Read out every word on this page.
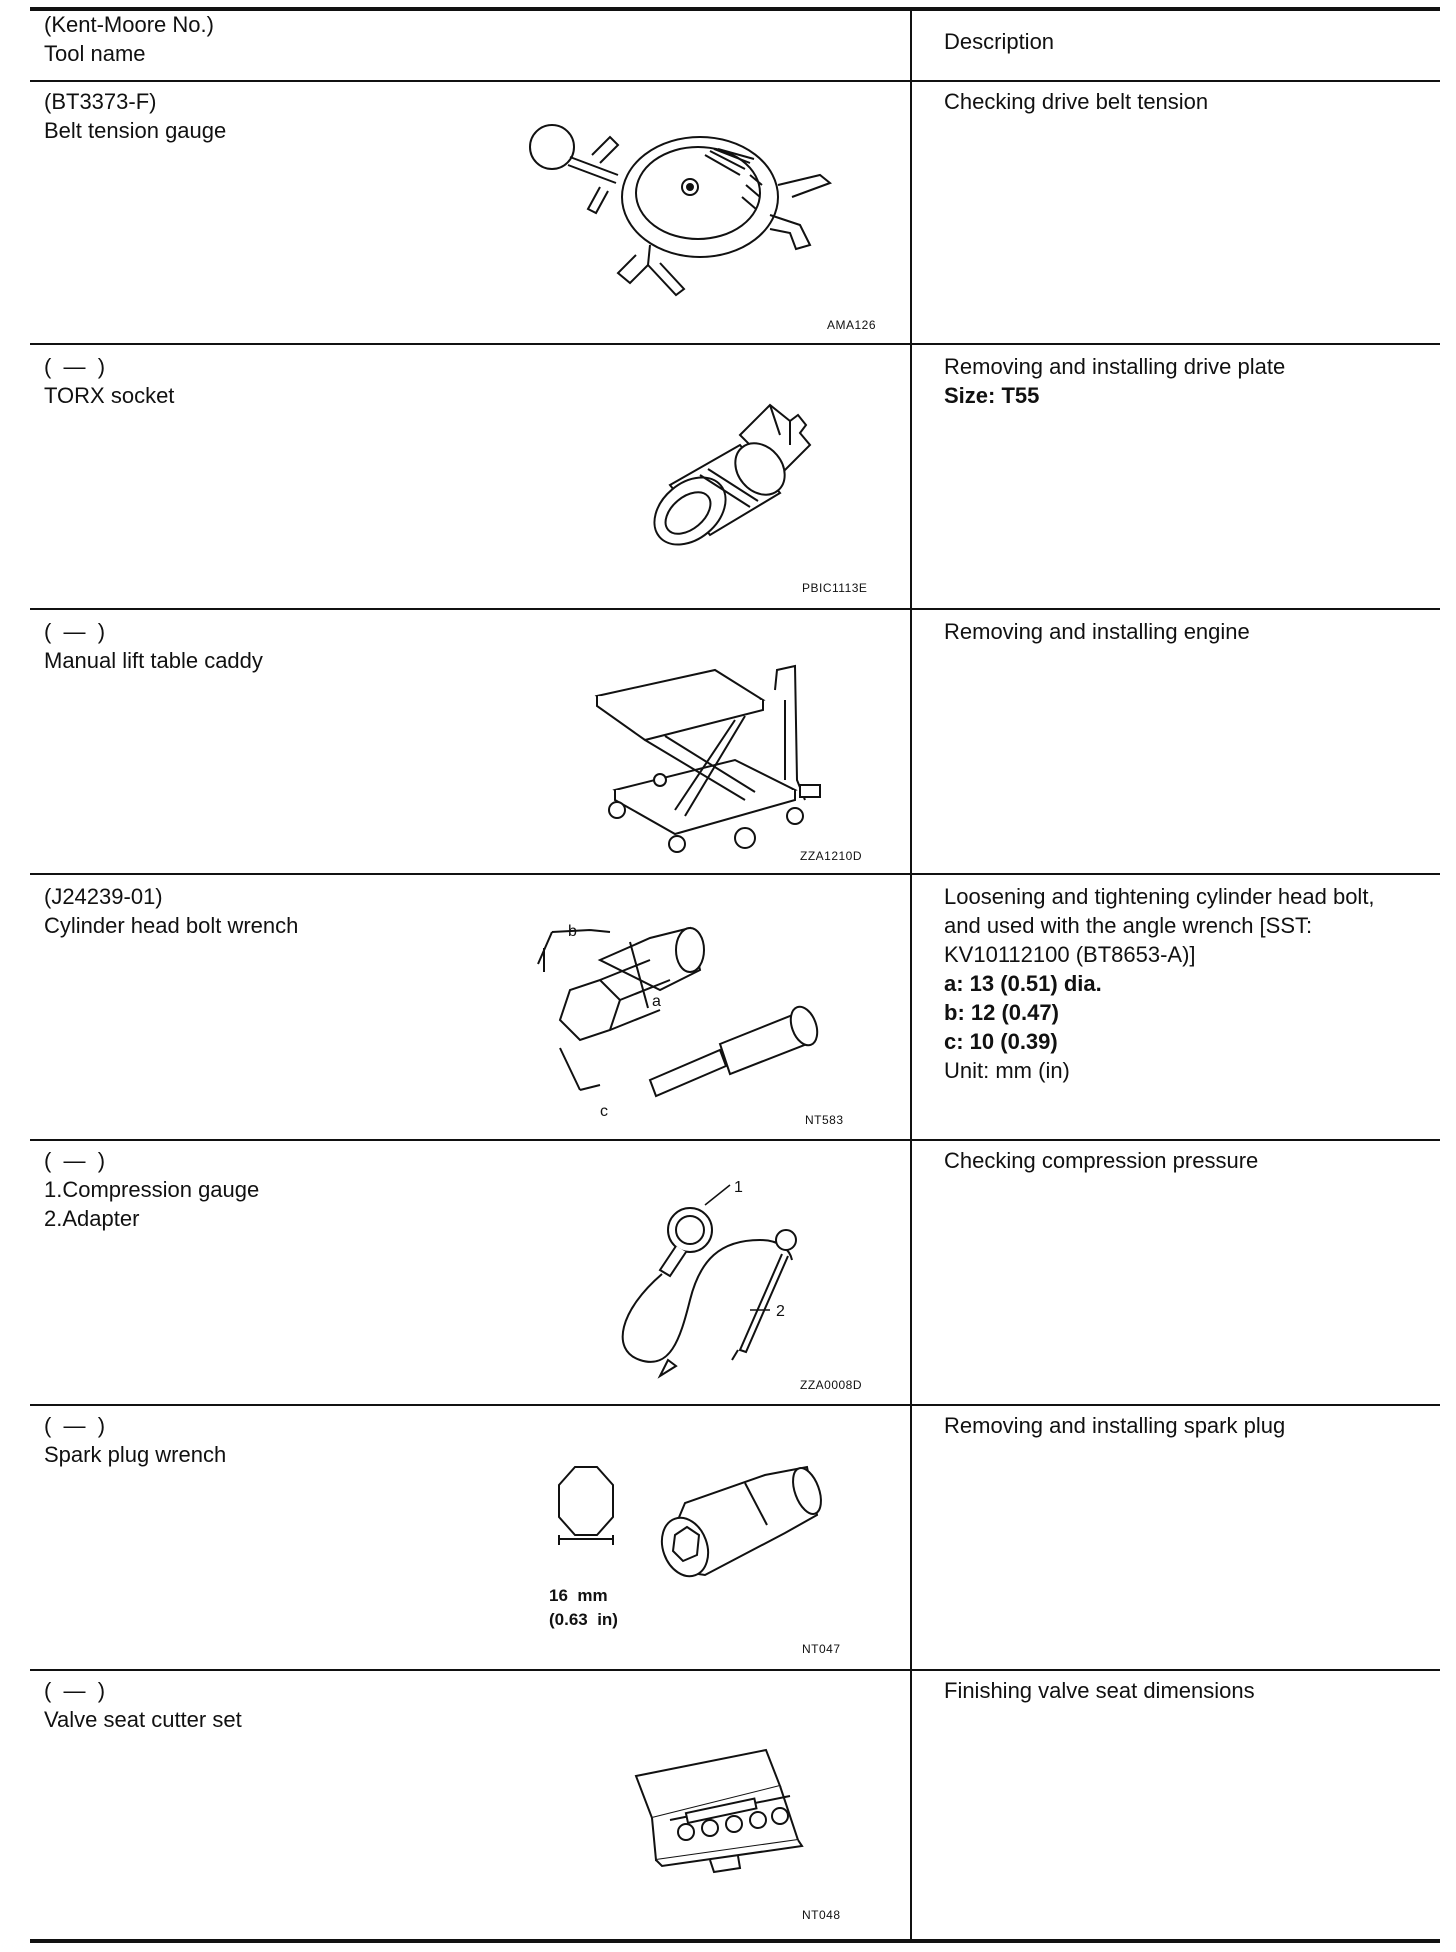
(Kent-Moore No.)
Tool name	Description
(BT3373-F)
Belt tension gauge
Checking drive belt tension
AMA126
(  —  )
TORX socket
Removing and installing drive plate
Size: T55
PBIC1113E
(  —  )
Manual lift table caddy
Removing and installing engine
ZZA1210D
(J24239-01)
Cylinder head bolt wrench
Loosening and tightening cylinder head bolt,
and used with the angle wrench [SST:
KV10112100 (BT8653-A)]
a: 13 (0.51) dia.
b: 12 (0.47)
c: 10 (0.39)
Unit: mm (in)
b
a
c	NT583
(  —  )
1.Compression gauge
2.Adapter
Checking compression pressure
1
2
ZZA0008D
(  —  )
Spark plug wrench
Removing and installing spark plug
16  mm
(0.63  in)
NT047
(  —  )
Valve seat cutter set
Finishing valve seat dimensions
NT048
